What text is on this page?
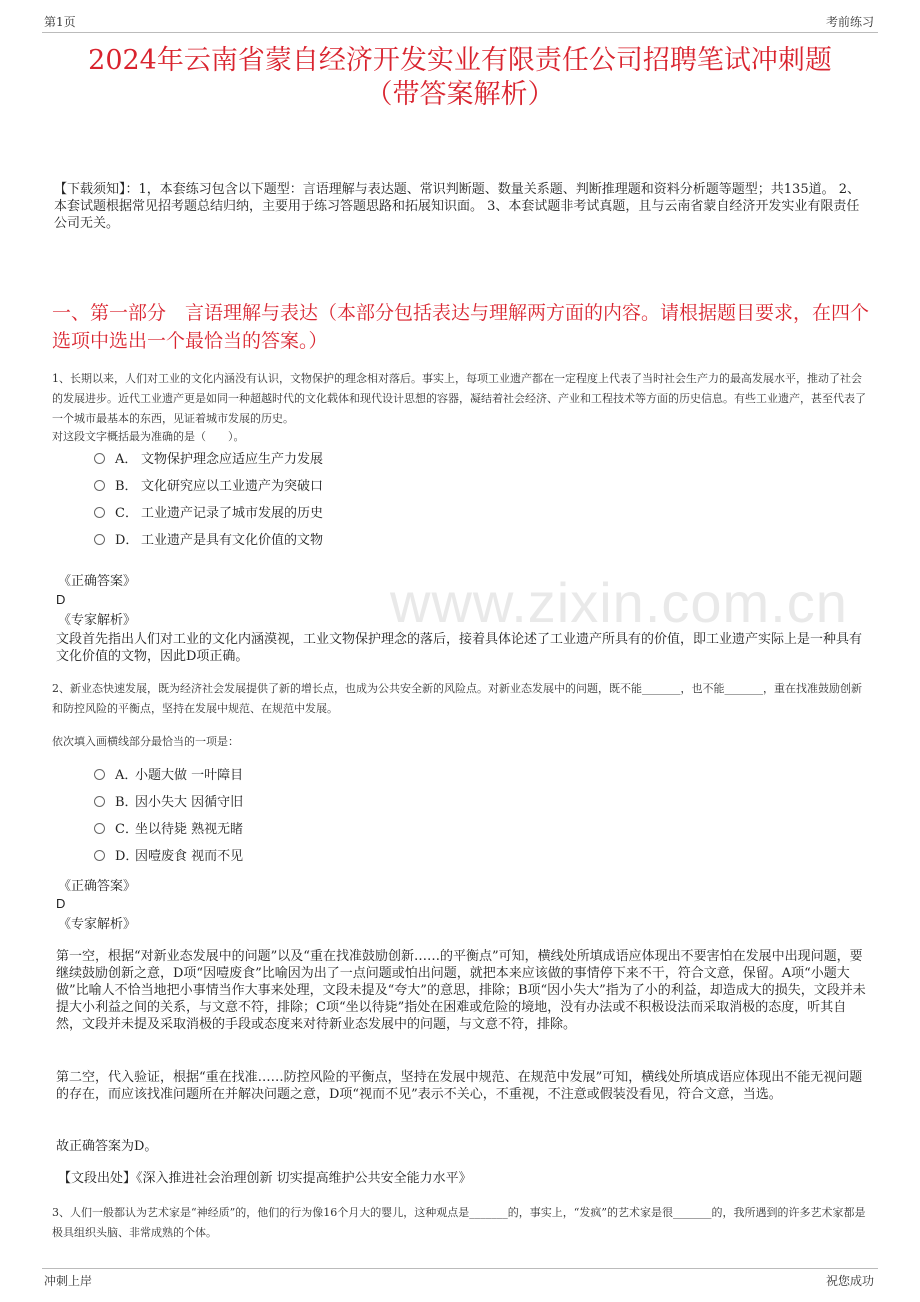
第1页	考前练习
2024年云南省蒙自经济开发实业有限责任公司招聘笔试冲刺题
（带答案解析）
【下载须知】：1，本套练习包含以下题型：言语理解与表达题、常识判断题、数量关系题、判断推理题和资料分析题等题型；共135道。 2、本套试题根据常见招考题总结归纳，主要用于练习答题思路和拓展知识面。 3、本套试题非考试真题，且与云南省蒙自经济开发实业有限责任公司无关。
一、第一部分　言语理解与表达（本部分包括表达与理解两方面的内容。请根据题目要求，在四个选项中选出一个最恰当的答案。）
www.zixin.com.cn
1、长期以来，人们对工业的文化内涵没有认识，文物保护的理念相对落后。事实上，每项工业遗产都在一定程度上代表了当时社会生产力的最高发展水平，推动了社会的发展进步。近代工业遗产更是如同一种超越时代的文化载体和现代设计思想的容器，凝结着社会经济、产业和工程技术等方面的历史信息。有些工业遗产，甚至代表了一个城市最基本的东西，见证着城市发展的历史。
对这段文字概括最为准确的是（　　）。
A． 文物保护理念应适应生产力发展
B． 文化研究应以工业遗产为突破口
C． 工业遗产记录了城市发展的历史
D． 工业遗产是具有文化价值的文物
《正确答案》
D
《专家解析》
文段首先指出人们对工业的文化内涵漠视，工业文物保护理念的落后，接着具体论述了工业遗产所具有的价值，即工业遗产实际上是一种具有文化价值的文物，因此D项正确。
2、新业态快速发展，既为经济社会发展提供了新的增长点，也成为公共安全新的风险点。对新业态发展中的问题，既不能_______，也不能_______，重在找准鼓励创新和防控风险的平衡点，坚持在发展中规范、在规范中发展。
依次填入画横线部分最恰当的一项是：
A．小题大做 一叶障目
B．因小失大 因循守旧
C．坐以待毙 熟视无睹
D．因噎废食 视而不见
《正确答案》
D
《专家解析》
第一空，根据“对新业态发展中的问题”以及“重在找准鼓励创新……的平衡点”可知，横线处所填成语应体现出不要害怕在发展中出现问题，要继续鼓励创新之意，D项“因噎废食”比喻因为出了一点问题或怕出问题，就把本来应该做的事情停下来不干，符合文意，保留。A项“小题大做”比喻人不恰当地把小事情当作大事来处理，文段未提及“夸大”的意思，排除；B项“因小失大”指为了小的利益，却造成大的损失，文段并未提大小利益之间的关系，与文意不符，排除；C项“坐以待毙”指处在困难或危险的境地，没有办法或不积极设法而采取消极的态度，听其自然，文段并未提及采取消极的手段或态度来对待新业态发展中的问题，与文意不符，排除。
第二空，代入验证，根据“重在找准……防控风险的平衡点，坚持在发展中规范、在规范中发展”可知，横线处所填成语应体现出不能无视问题的存在，而应该找准问题所在并解决问题之意，D项“视而不见”表示不关心，不重视，不注意或假装没看见，符合文意，当选。
故正确答案为D。
【文段出处】《深入推进社会治理创新 切实提高维护公共安全能力水平》
3、人们一般都认为艺术家是“神经质”的，他们的行为像16个月大的婴儿，这种观点是_______的，事实上，“发疯”的艺术家是很_______的，我所遇到的许多艺术家都是极具组织头脑、非常成熟的个体。
冲刺上岸	祝您成功
